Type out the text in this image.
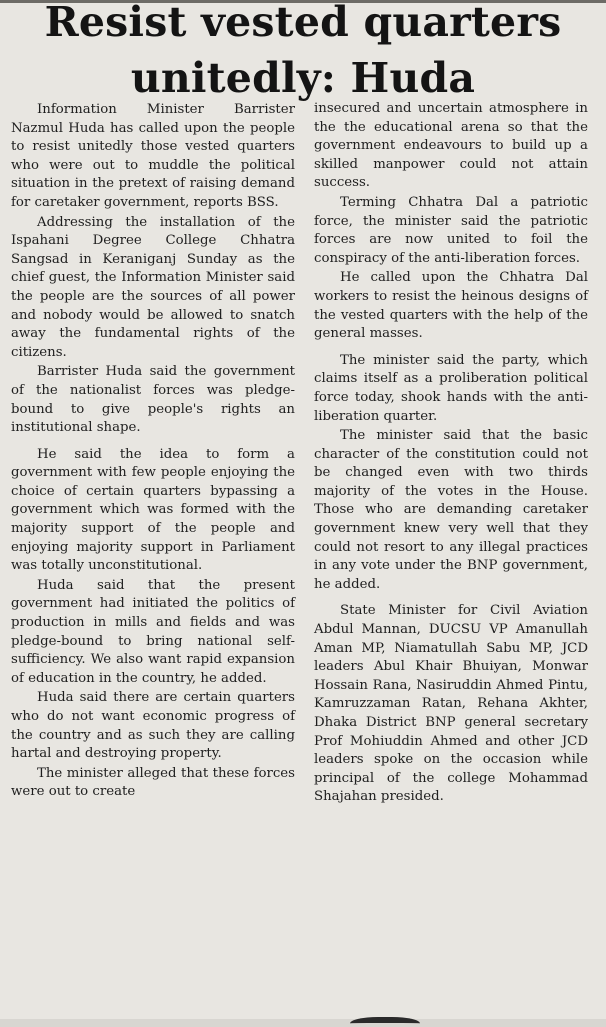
Resist vested quarters unitedly: Huda

Information Minister Barrister Nazmul Huda has called upon the people to resist unitedly those vested quarters who were out to muddle the political situation in the pretext of raising demand for caretaker government, reports BSS.

Addressing the installation of the Ispahani Degree College Chhatra Sangsad in Keraniganj Sunday as the chief guest, the Information Minister said the people are the sources of all power and nobody would be allowed to snatch away the fundamental rights of the citizens.

Barrister Huda said the government of the nationalist forces was pledge-bound to give people's rights an institutional shape.

He said the idea to form a government with few people enjoying the choice of certain quarters bypassing a government which was formed with the majority support of the people and enjoying majority support in Parliament was totally unconstitutional.

Huda said that the present government had initiated the politics of production in mills and fields and was pledge-bound to bring national self-sufficiency. We also want rapid expansion of education in the country, he added.

Huda said there are certain quarters who do not want economic progress of the country and as such they are calling hartal and destroying property.

The minister alleged that these forces were out to create

insecured and uncertain atmosphere in the the educational arena so that the government endeavours to build up a skilled manpower could not attain success.

Terming Chhatra Dal a patriotic force, the minister said the patriotic forces are now united to foil the conspiracy of the anti-liberation forces.

He called upon the Chhatra Dal workers to resist the heinous designs of the vested quarters with the help of the general masses.

The minister said the party, which claims itself as a proliberation political force today, shook hands with the anti-liberation quarter.

The minister said that the basic character of the constitution could not be changed even with two thirds majority of the votes in the House. Those who are demanding caretaker government knew very well that they could not resort to any illegal practices in any vote under the BNP government, he added.

State Minister for Civil Aviation Abdul Mannan, DUCSU VP Amanullah Aman MP, Niamatullah Sabu MP, JCD leaders Abul Khair Bhuiyan, Monwar Hossain Rana, Nasiruddin Ahmed Pintu, Kamruzzaman Ratan, Rehana Akhter, Dhaka District BNP general secretary Prof Mohiuddin Ahmed and other JCD leaders spoke on the occasion while principal of the college Mohammad Shajahan presided.
